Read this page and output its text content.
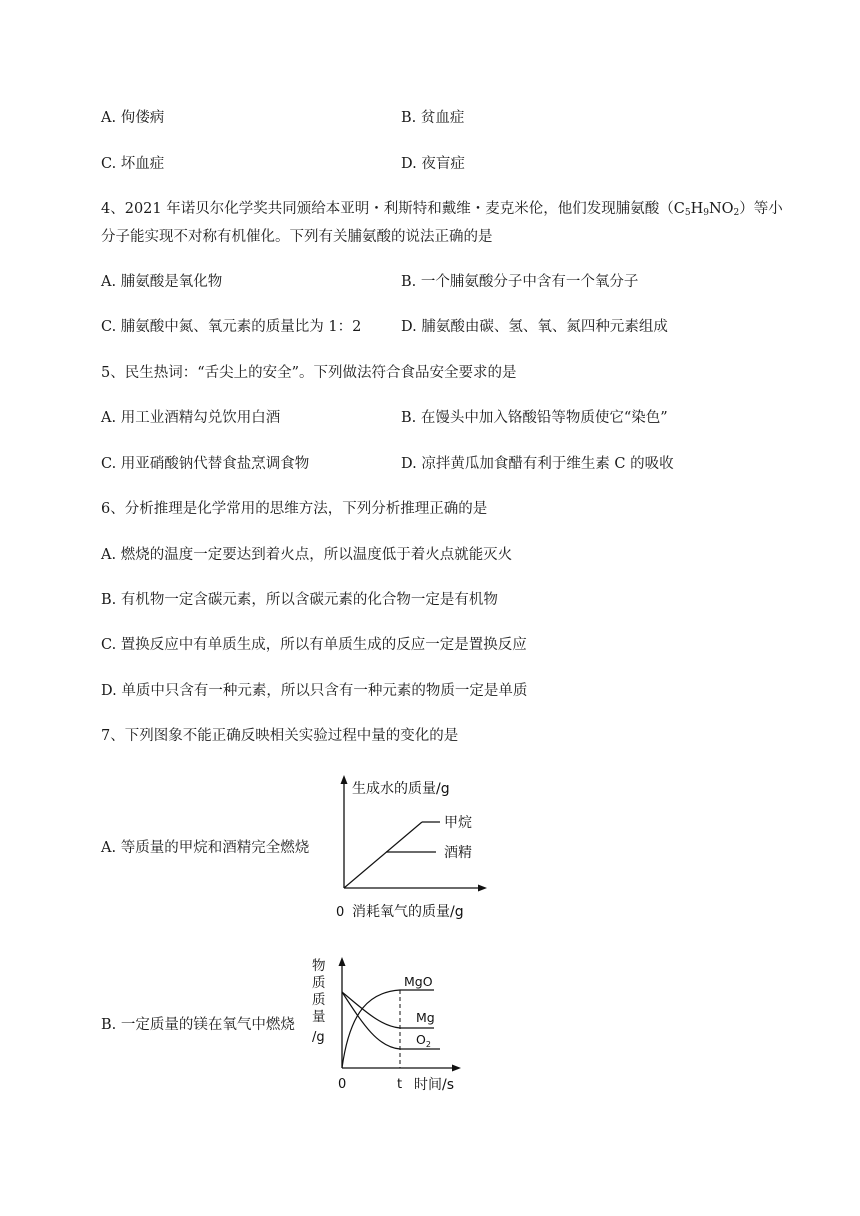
A. 佝偻病	B. 贫血症
C. 坏血症	D. 夜盲症
4、2021 年诺贝尔化学奖共同颁给本亚明・利斯特和戴维・麦克米伦，他们发现脯氨酸$(C_5H_9NO_2)$等小
分子能实现不对称有机催化。下列有关脯氨酸的说法正确的是
A. 脯氨酸是氧化物	B. 一个脯氨酸分子中含有一个氧分子
C. 脯氨酸中氮、氧元素的质量比为 1：2	D. 脯氨酸由碳、氢、氧、氮四种元素组成
5、民生热词：“舌尖上的安全”。下列做法符合食品安全要求的是
A. 用工业酒精勾兑饮用白酒	B. 在馒头中加入铬酸铅等物质使它“染色”
C. 用亚硝酸钠代替食盐烹调食物	D. 凉拌黄瓜加食醋有利于维生素 C 的吸收
6、分析推理是化学常用的思维方法，下列分析推理正确的是
A. 燃烧的温度一定要达到着火点，所以温度低于着火点就能灭火
B. 有机物一定含碳元素，所以含碳元素的化合物一定是有机物
C. 置换反应中有单质生成，所以有单质生成的反应一定是置换反应
D. 单质中只含有一种元素，所以只含有一种元素的物质一定是单质
7、下列图象不能正确反映相关实验过程中量的变化的是
A. 等质量的甲烷和酒精完全燃烧
B. 一定质量的镁在氧气中燃烧
生成水的质量/g
甲烷
酒精
0 消耗氧气的质量/g
物
质
质
量
/g
MgO
Mg
$O_2$
0	t 时间/s
